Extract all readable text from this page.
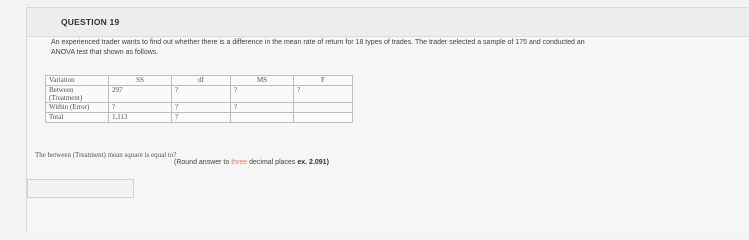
QUESTION 19
An experienced trader wants to find out whether there is a difference in the mean rate of return for 18 types of trades. The trader selected a sample of 175 and conducted an
ANOVA test that shown as follows.
Variation	SS	df	MS	F

Between
(Treatment)	297	?	?	?
Within (Error)	?	?	?	
Total	1,113	?		
The between (Treatment) mean square is equal to?
(Round answer to three decimal places ex. 2.091)
